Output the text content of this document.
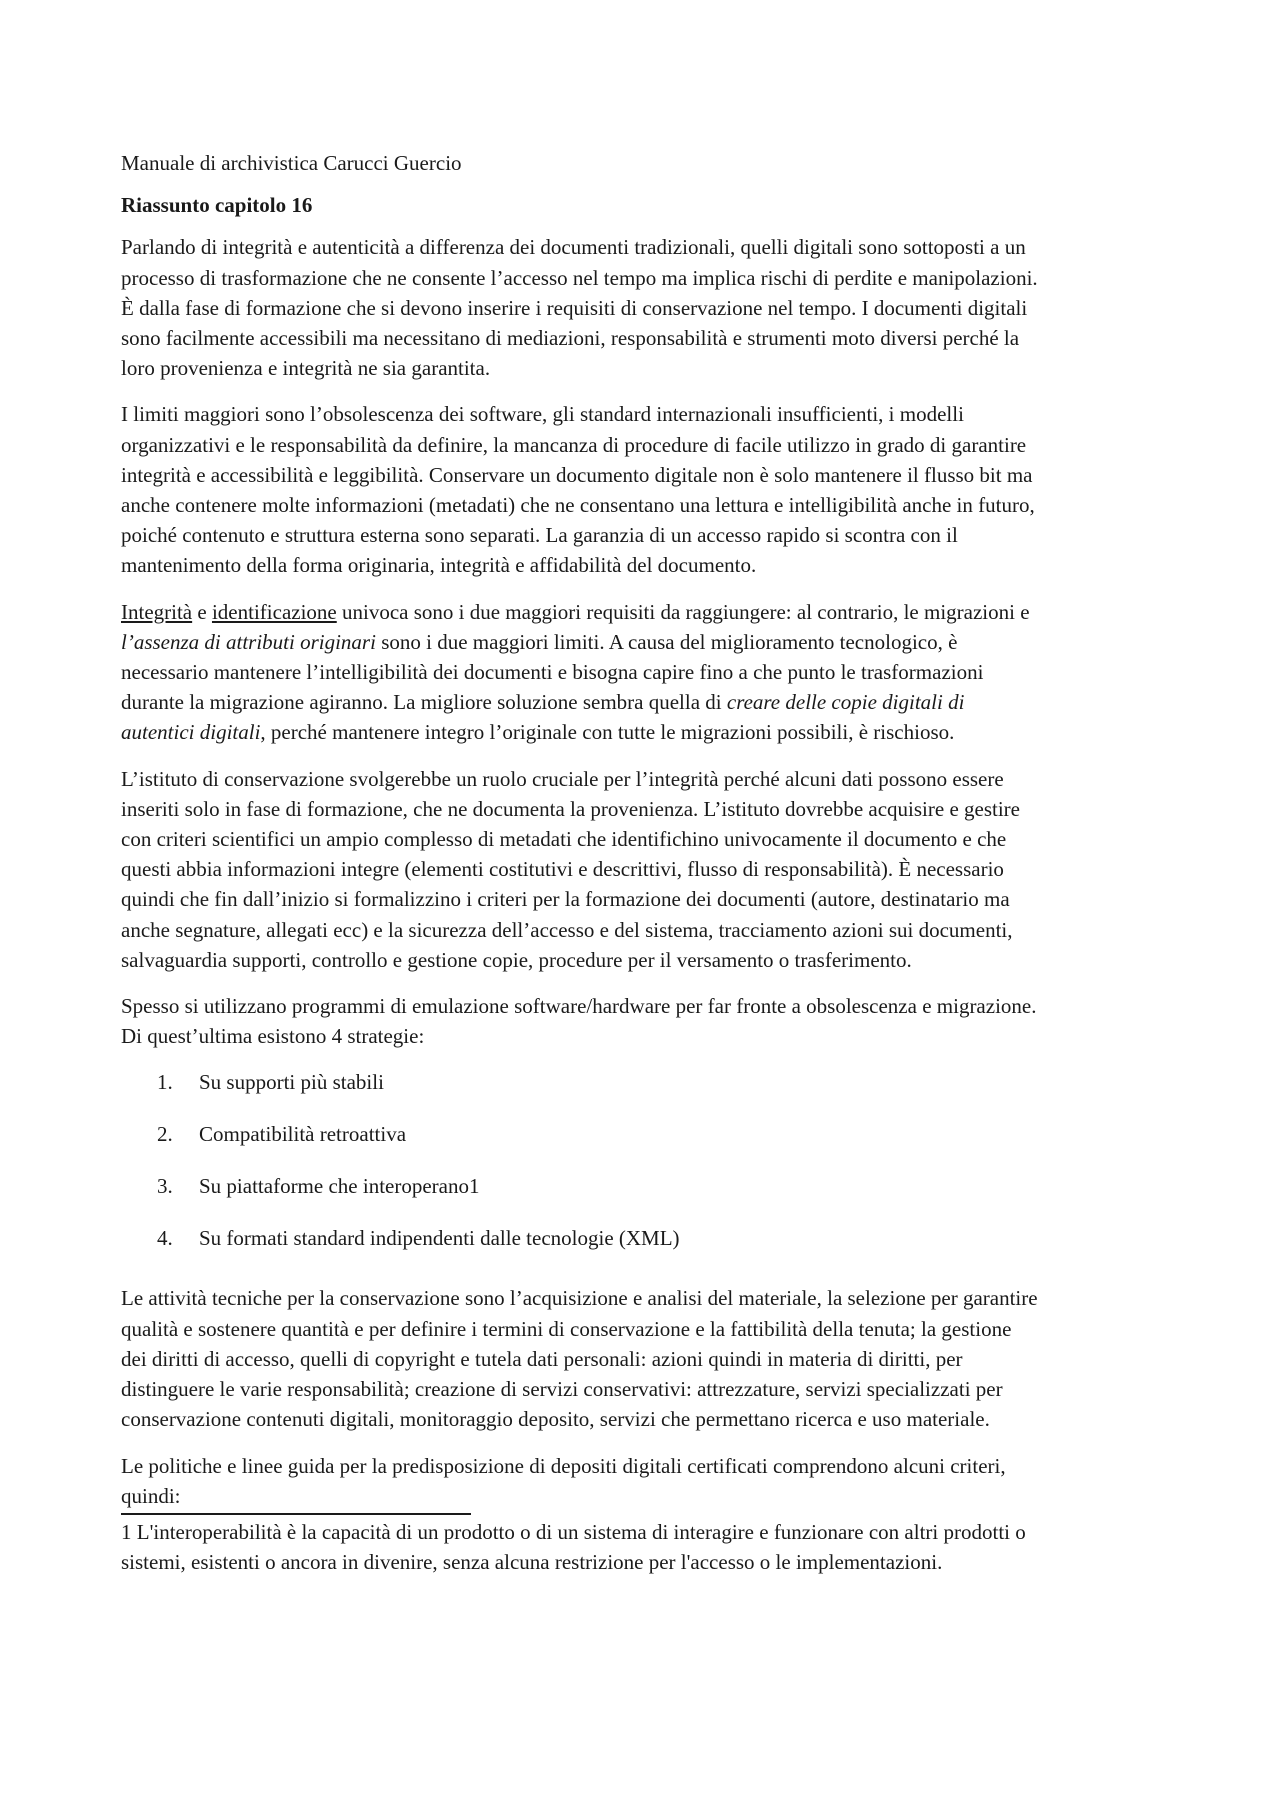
Manuale di archivistica Carucci Guercio

Riassunto capitolo 16

Parlando di integrità e autenticità a differenza dei documenti tradizionali, quelli digitali sono sottoposti a un
processo di trasformazione che ne consente l’accesso nel tempo ma implica rischi di perdite e manipolazioni.
È dalla fase di formazione che si devono inserire i requisiti di conservazione nel tempo. I documenti digitali
sono facilmente accessibili ma necessitano di mediazioni, responsabilità e strumenti moto diversi perché la
loro provenienza e integrità ne sia garantita.

I limiti maggiori sono l’obsolescenza dei software, gli standard internazionali insufficienti, i modelli
organizzativi e le responsabilità da definire, la mancanza di procedure di facile utilizzo in grado di garantire
integrità e accessibilità e leggibilità. Conservare un documento digitale non è solo mantenere il flusso bit ma
anche contenere molte informazioni (metadati) che ne consentano una lettura e intelligibilità anche in futuro,
poiché contenuto e struttura esterna sono separati. La garanzia di un accesso rapido si scontra con il
mantenimento della forma originaria, integrità e affidabilità del documento.

Integrità e identificazione univoca sono i due maggiori requisiti da raggiungere: al contrario, le migrazioni e
l’assenza di attributi originari sono i due maggiori limiti. A causa del miglioramento tecnologico, è
necessario mantenere l’intelligibilità dei documenti e bisogna capire fino a che punto le trasformazioni
durante la migrazione agiranno. La migliore soluzione sembra quella di creare delle copie digitali di
autentici digitali, perché mantenere integro l’originale con tutte le migrazioni possibili, è rischioso.

L’istituto di conservazione svolgerebbe un ruolo cruciale per l’integrità perché alcuni dati possono essere
inseriti solo in fase di formazione, che ne documenta la provenienza. L’istituto dovrebbe acquisire e gestire
con criteri scientifici un ampio complesso di metadati che identifichino univocamente il documento e che
questi abbia informazioni integre (elementi costitutivi e descrittivi, flusso di responsabilità). È necessario
quindi che fin dall’inizio si formalizzino i criteri per la formazione dei documenti (autore, destinatario ma
anche segnature, allegati ecc) e la sicurezza dell’accesso e del sistema, tracciamento azioni sui documenti,
salvaguardia supporti, controllo e gestione copie, procedure per il versamento o trasferimento.

Spesso si utilizzano programmi di emulazione software/hardware per far fronte a obsolescenza e migrazione.
Di quest’ultima esistono 4 strategie:

1. Su supporti più stabili
2. Compatibilità retroattiva
3. Su piattaforme che interoperano1
4. Su formati standard indipendenti dalle tecnologie (XML)

Le attività tecniche per la conservazione sono l’acquisizione e analisi del materiale, la selezione per garantire
qualità e sostenere quantità e per definire i termini di conservazione e la fattibilità della tenuta; la gestione
dei diritti di accesso, quelli di copyright e tutela dati personali: azioni quindi in materia di diritti, per
distinguere le varie responsabilità; creazione di servizi conservativi: attrezzature, servizi specializzati per
conservazione contenuti digitali, monitoraggio deposito, servizi che permettano ricerca e uso materiale.

Le politiche e linee guida per la predisposizione di depositi digitali certificati comprendono alcuni criteri,
quindi:

1 L'interoperabilità è la capacità di un prodotto o di un sistema di interagire e funzionare con altri prodotti o
sistemi, esistenti o ancora in divenire, senza alcuna restrizione per l'accesso o le implementazioni.
